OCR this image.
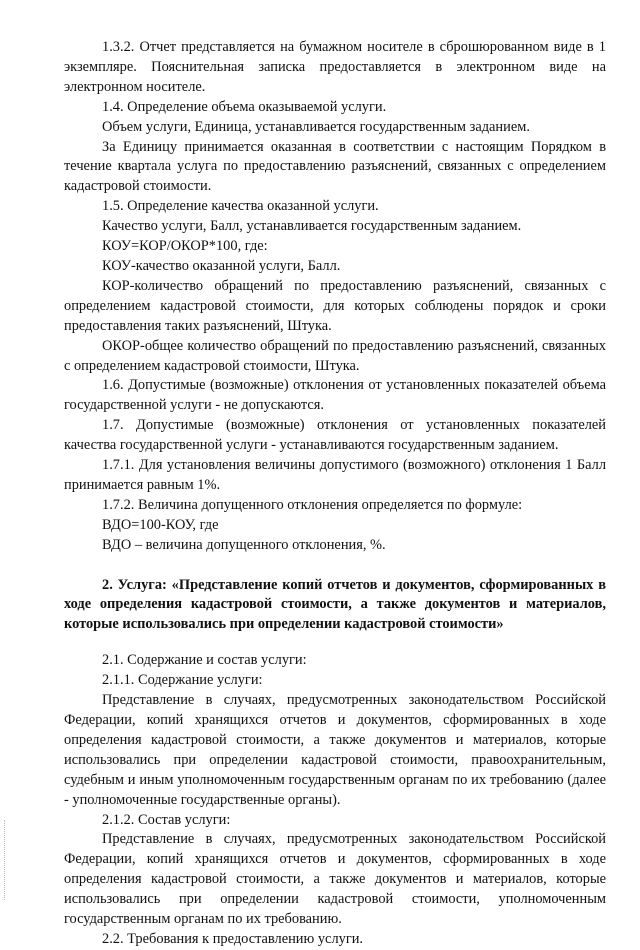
1.3.2. Отчет представляется на бумажном носителе в сброшюрованном виде в 1 экземпляре. Пояснительная записка предоставляется в электронном виде на электронном носителе.

1.4. Определение объема оказываемой услуги.

Объем услуги, Единица, устанавливается государственным заданием.

За Единицу принимается оказанная в соответствии с настоящим Порядком в течение квартала услуга по предоставлению разъяснений, связанных с определением кадастровой стоимости.

1.5. Определение качества оказанной услуги.

Качество услуги, Балл, устанавливается государственным заданием.

КОУ=КОР/ОКОР*100, где:

КОУ-качество оказанной услуги, Балл.

КОР-количество обращений по предоставлению разъяснений, связанных с определением кадастровой стоимости, для которых соблюдены порядок и сроки предоставления таких разъяснений, Штука.

ОКОР-общее количество обращений по предоставлению разъяснений, связанных с определением кадастровой стоимости, Штука.

1.6. Допустимые (возможные) отклонения от установленных показателей объема государственной услуги - не допускаются.

1.7. Допустимые (возможные) отклонения от установленных показателей качества государственной услуги - устанавливаются государственным заданием.

1.7.1. Для установления величины допустимого (возможного) отклонения 1 Балл принимается равным 1%.

1.7.2. Величина допущенного отклонения определяется по формуле:

ВДО=100-КОУ, где

ВДО – величина допущенного отклонения, %.

2. Услуга: «Представление копий отчетов и документов, сформированных в ходе определения кадастровой стоимости, а также документов и материалов, которые использовались при определении кадастровой стоимости»

2.1. Содержание и состав услуги:

2.1.1. Содержание услуги:

Представление в случаях, предусмотренных законодательством Российской Федерации, копий хранящихся отчетов и документов, сформированных в ходе определения кадастровой стоимости, а также документов и материалов, которые использовались при определении кадастровой стоимости, правоохранительным, судебным и иным уполномоченным государственным органам по их требованию (далее - уполномоченные государственные органы).

2.1.2. Состав услуги:

Представление в случаях, предусмотренных законодательством Российской Федерации, копий хранящихся отчетов и документов, сформированных в ходе определения кадастровой стоимости, а также документов и материалов, которые использовались при определении кадастровой стоимости, уполномоченным государственным органам по их требованию.

2.2. Требования к предоставлению услуги.
